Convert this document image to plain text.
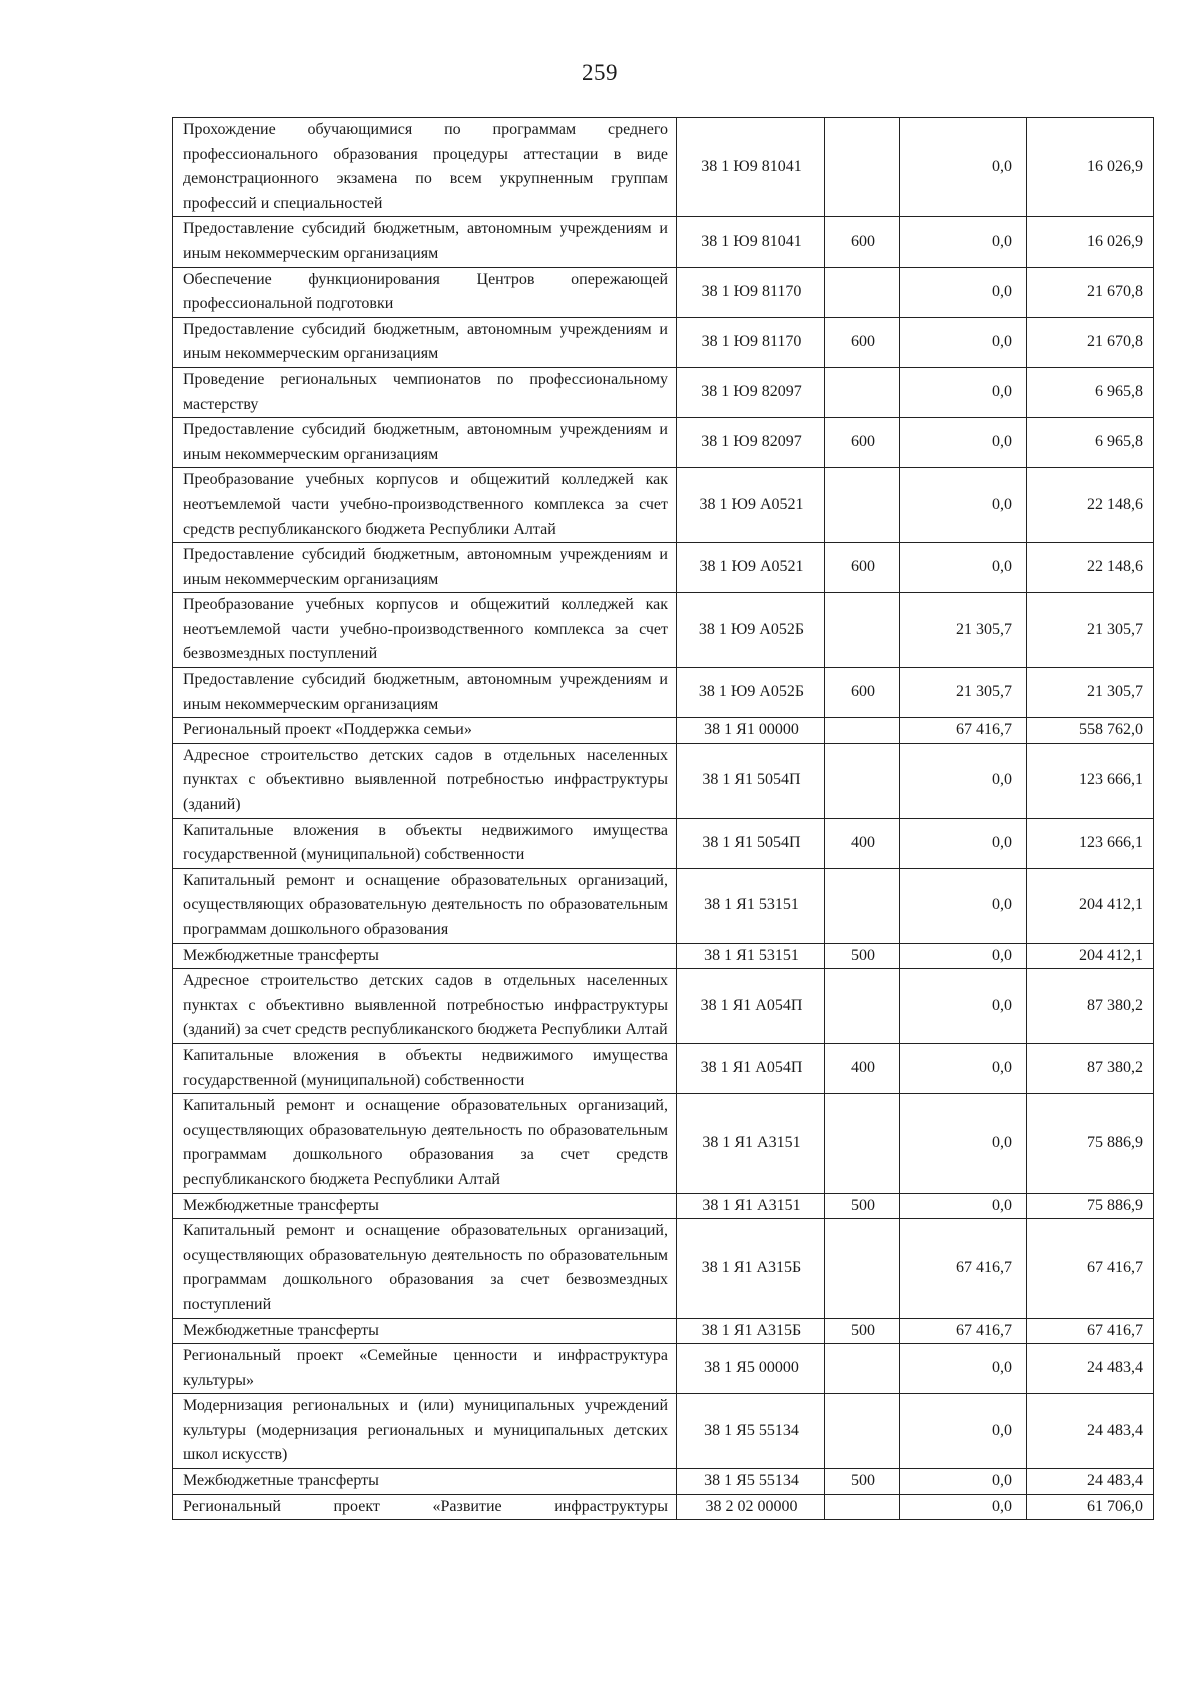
259
Прохождение обучающимися по программам среднего профессионального образования процедуры аттестации в виде демонстрационного экзамена по всем укрупненным группам профессий и специальностей	38 1 Ю9 81041		0,0	16 026,9
Предоставление субсидий бюджетным, автономным учреждениям и иным некоммерческим организациям	38 1 Ю9 81041	600	0,0	16 026,9
Обеспечение функционирования Центров опережающей профессиональной подготовки	38 1 Ю9 81170		0,0	21 670,8
Предоставление субсидий бюджетным, автономным учреждениям и иным некоммерческим организациям	38 1 Ю9 81170	600	0,0	21 670,8
Проведение региональных чемпионатов по профессиональному мастерству	38 1 Ю9 82097		0,0	6 965,8
Предоставление субсидий бюджетным, автономным учреждениям и иным некоммерческим организациям	38 1 Ю9 82097	600	0,0	6 965,8
Преобразование учебных корпусов и общежитий колледжей как неотъемлемой части учебно-производственного комплекса за счет средств республиканского бюджета Республики Алтай	38 1 Ю9 А0521		0,0	22 148,6
Предоставление субсидий бюджетным, автономным учреждениям и иным некоммерческим организациям	38 1 Ю9 А0521	600	0,0	22 148,6
Преобразование учебных корпусов и общежитий колледжей как неотъемлемой части учебно-производственного комплекса за счет безвозмездных поступлений	38 1 Ю9 А052Б		21 305,7	21 305,7
Предоставление субсидий бюджетным, автономным учреждениям и иным некоммерческим организациям	38 1 Ю9 А052Б	600	21 305,7	21 305,7
Региональный проект «Поддержка семьи»	38 1 Я1 00000		67 416,7	558 762,0
Адресное строительство детских садов в отдельных населенных пунктах с объективно выявленной потребностью инфраструктуры (зданий)	38 1 Я1 5054П		0,0	123 666,1
Капитальные вложения в объекты недвижимого имущества государственной (муниципальной) собственности	38 1 Я1 5054П	400	0,0	123 666,1
Капитальный ремонт и оснащение образовательных организаций, осуществляющих образовательную деятельность по образовательным программам дошкольного образования	38 1 Я1 53151		0,0	204 412,1
Межбюджетные трансферты	38 1 Я1 53151	500	0,0	204 412,1
Адресное строительство детских садов в отдельных населенных пунктах с объективно выявленной потребностью инфраструктуры (зданий) за счет средств республиканского бюджета Республики Алтай	38 1 Я1 А054П		0,0	87 380,2
Капитальные вложения в объекты недвижимого имущества государственной (муниципальной) собственности	38 1 Я1 А054П	400	0,0	87 380,2
Капитальный ремонт и оснащение образовательных организаций, осуществляющих образовательную деятельность по образовательным программам дошкольного образования за счет средств республиканского бюджета Республики Алтай	38 1 Я1 А3151		0,0	75 886,9
Межбюджетные трансферты	38 1 Я1 А3151	500	0,0	75 886,9
Капитальный ремонт и оснащение образовательных организаций, осуществляющих образовательную деятельность по образовательным программам дошкольного образования за счет безвозмездных поступлений	38 1 Я1 А315Б		67 416,7	67 416,7
Межбюджетные трансферты	38 1 Я1 А315Б	500	67 416,7	67 416,7
Региональный проект «Семейные ценности и инфраструктура культуры»	38 1 Я5 00000		0,0	24 483,4
Модернизация региональных и (или) муниципальных учреждений культуры (модернизация региональных и муниципальных детских школ искусств)	38 1 Я5 55134		0,0	24 483,4
Межбюджетные трансферты	38 1 Я5 55134	500	0,0	24 483,4
Региональный проект «Развитие инфраструктуры	38 2 02 00000		0,0	61 706,0
